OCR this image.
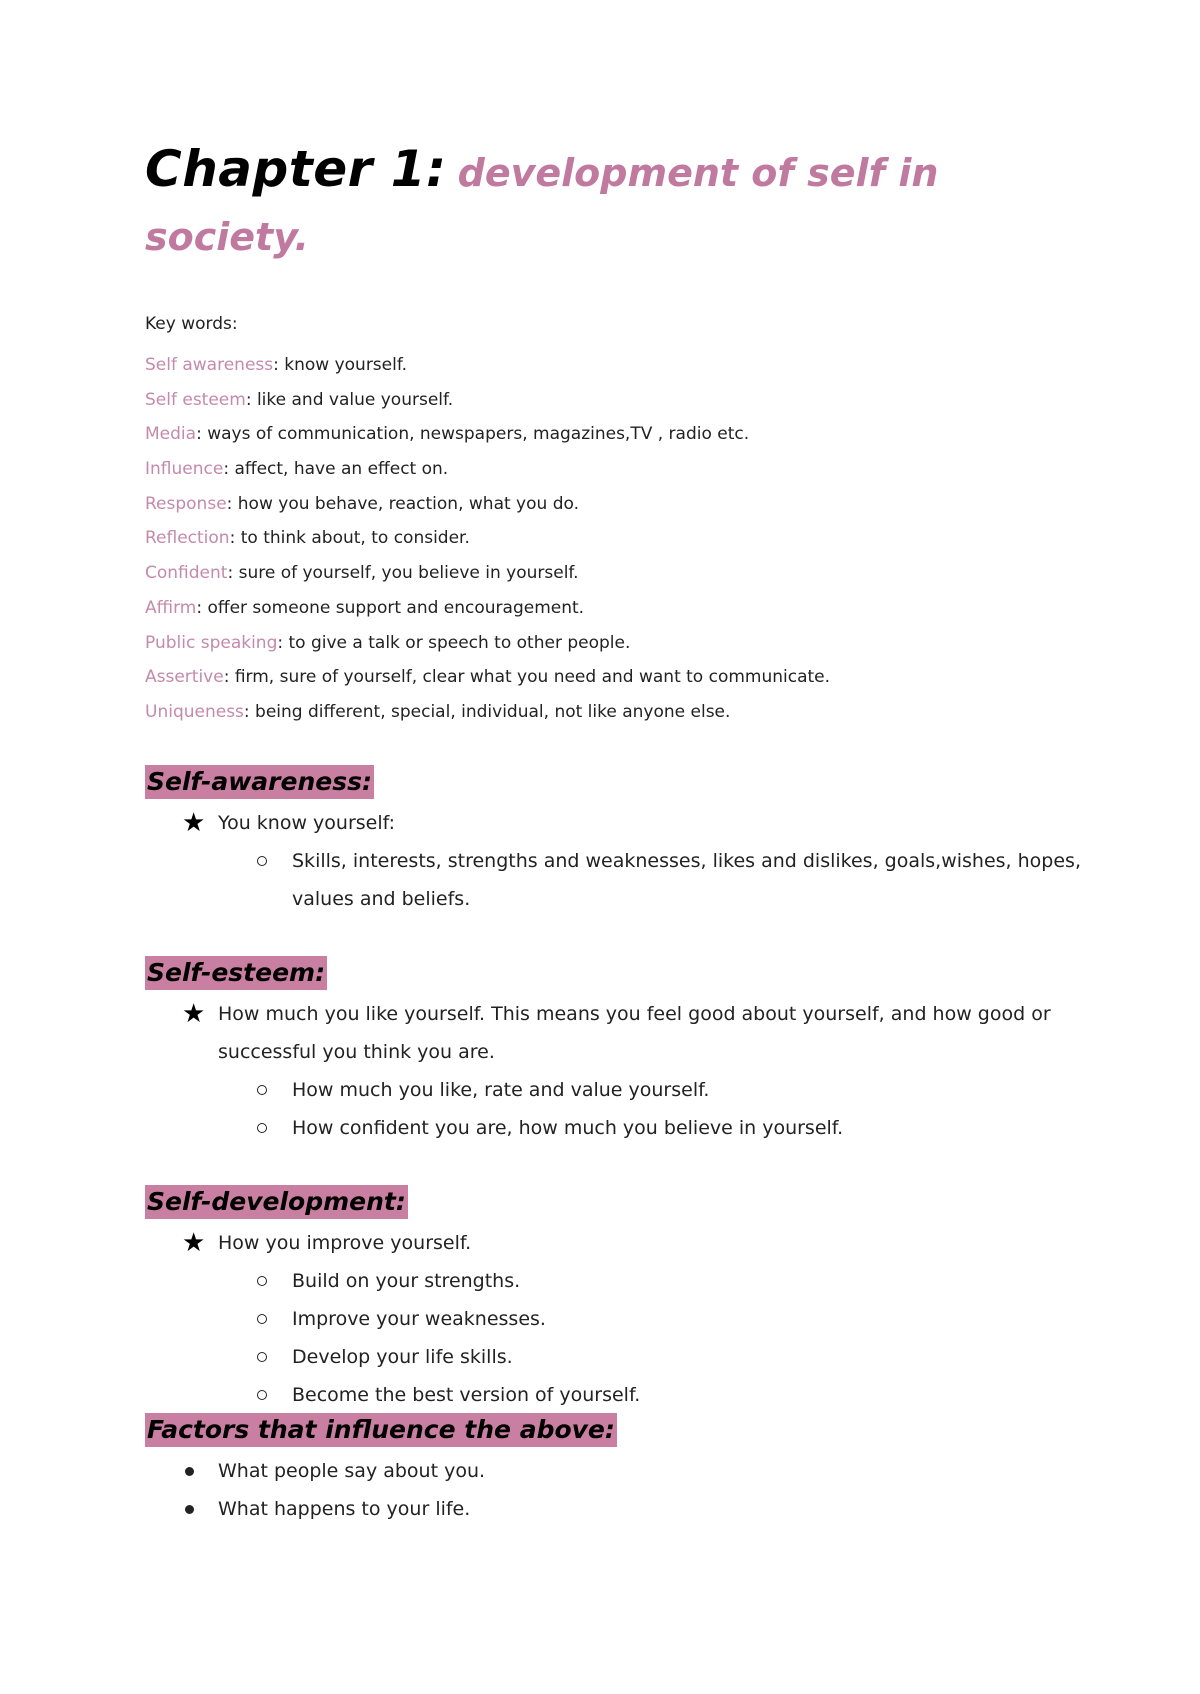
Chapter 1: development of self in
society.
Key words:
Self awareness: know yourself.
Self esteem: like and value yourself.
Media: ways of communication, newspapers, magazines,TV , radio etc.
Influence: affect, have an effect on.
Response: how you behave, reaction, what you do.
Reflection: to think about, to consider.
Confident: sure of yourself, you believe in yourself.
Affirm: offer someone support and encouragement.
Public speaking: to give a talk or speech to other people.
Assertive: firm, sure of yourself, clear what you need and want to communicate.
Uniqueness: being different, special, individual, not like anyone else.
Self-awareness:
★ You know yourself:
Skills, interests, strengths and weaknesses, likes and dislikes, goals,wishes, hopes,
values and beliefs.
Self-esteem:
★ How much you like yourself. This means you feel good about yourself, and how good or
successful you think you are.
How much you like, rate and value yourself.
How confident you are, how much you believe in yourself.
Self-development:
★ How you improve yourself.
Build on your strengths.
Improve your weaknesses.
Develop your life skills.
Become the best version of yourself.
Factors that influence the above:
What people say about you.
What happens to your life.
